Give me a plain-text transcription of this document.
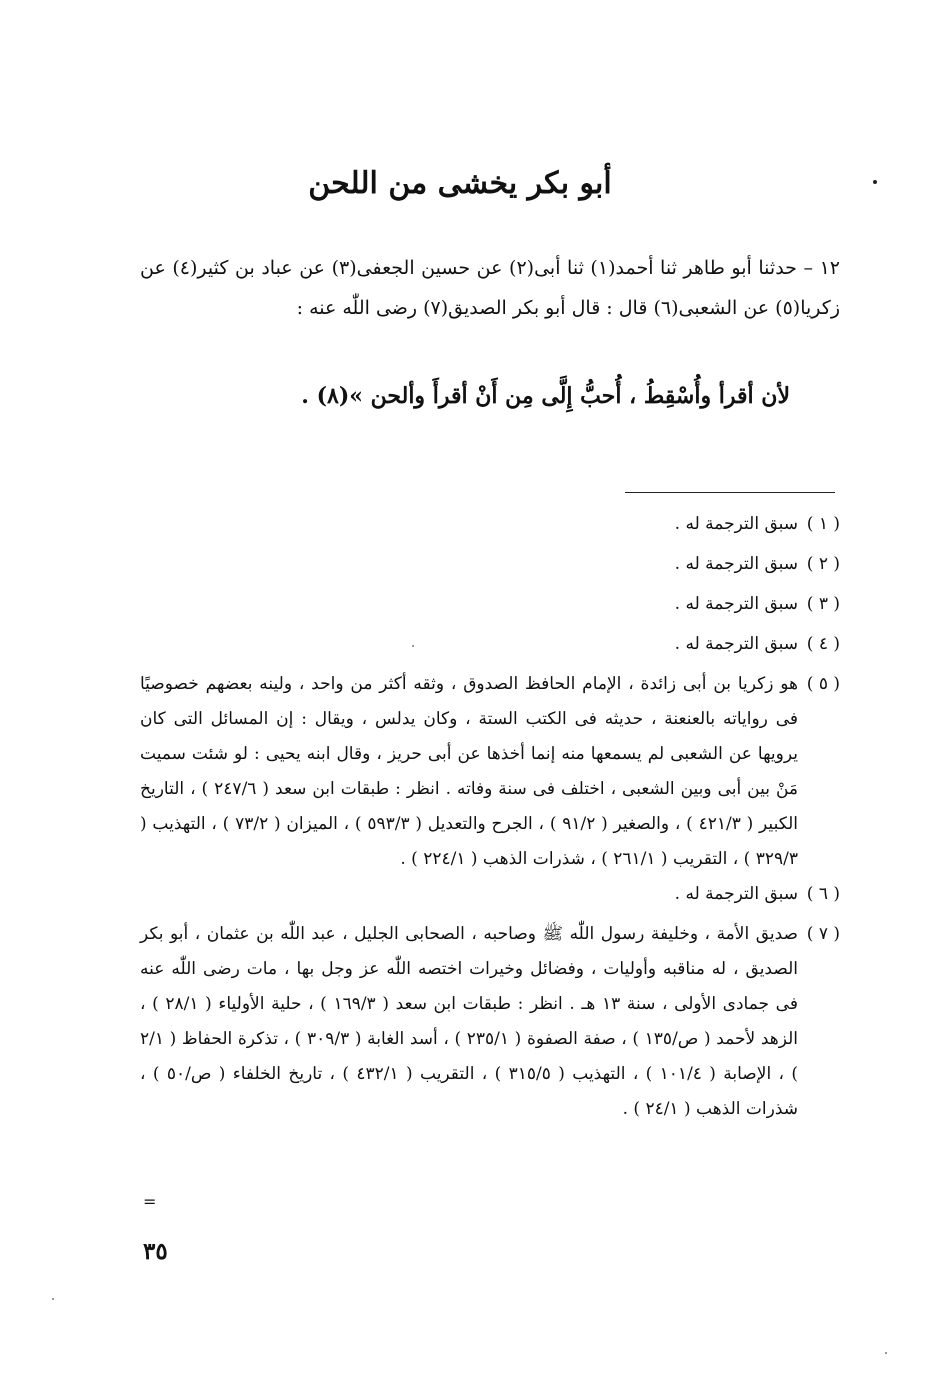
أبو بكر يخشى من اللحن
١٢ – حدثنا أبو طاهر ثنا أحمد(١) ثنا أبى(٢) عن حسين الجعفى(٣) عن عباد بن كثير(٤) عن زكريا(٥) عن الشعبى(٦) قال : قال أبو بكر الصديق(٧) رضى اللّٰه عنه :
لأن أقرأ وأُسْقِطُ ، أُحبُّ إِلَّى مِن أَنْ أقرأَ وألحن »(٨) .
( ١ )
سبق الترجمة له .
( ٢ )
سبق الترجمة له .
( ٣ )
سبق الترجمة له .
( ٤ )
سبق الترجمة له .
( ٥ )
هو زكريا بن أبى زائدة ، الإمام الحافظ الصدوق ، وثقه أكثر من واحد ، ولينه بعضهم خصوصيًا فى رواياته بالعنعنة ، حديثه فى الكتب الستة ، وكان يدلس ، ويقال : إن المسائل التى كان يرويها عن الشعبى لم يسمعها منه إنما أخذها عن أبى حريز ، وقال ابنه يحيى : لو شئت سميت مَنْ بين أبى وبين الشعبى ، اختلف فى سنة وفاته . انظر : طبقات ابن سعد ( ٢٤٧/٦ ) ، التاريخ الكبير ( ٤٢١/٣ ) ، والصغير ( ٩١/٢ ) ، الجرح والتعديل ( ٥٩٣/٣ ) ، الميزان ( ٧٣/٢ ) ، التهذيب ( ٣٢٩/٣ ) ، التقريب ( ٢٦١/١ ) ، شذرات الذهب ( ٢٢٤/١ ) .
( ٦ )
سبق الترجمة له .
( ٧ )
صديق الأمة ، وخليفة رسول اللّٰه ﷺ وصاحبه ، الصحابى الجليل ، عبد اللّٰه بن عثمان ، أبو بكر الصديق ، له مناقبه وأوليات ، وفضائل وخيرات اختصه اللّٰه عز وجل بها ، مات رضى اللّٰه عنه فى جمادى الأولى ، سنة ١٣ هـ . انظر : طبقات ابن سعد ( ١٦٩/٣ ) ، حلية الأولياء ( ٢٨/١ ) ، الزهد لأحمد ( ص/١٣٥ ) ، صفة الصفوة ( ٢٣٥/١ ) ، أسد الغابة ( ٣٠٩/٣ ) ، تذكرة الحفاظ ( ٢/١ ) ، الإصابة ( ١٠١/٤ ) ، التهذيب ( ٣١٥/٥ ) ، التقريب ( ٤٣٢/١ ) ، تاريخ الخلفاء ( ص/٥٠ ) ، شذرات الذهب ( ٢٤/١ ) .
=
٣٥
